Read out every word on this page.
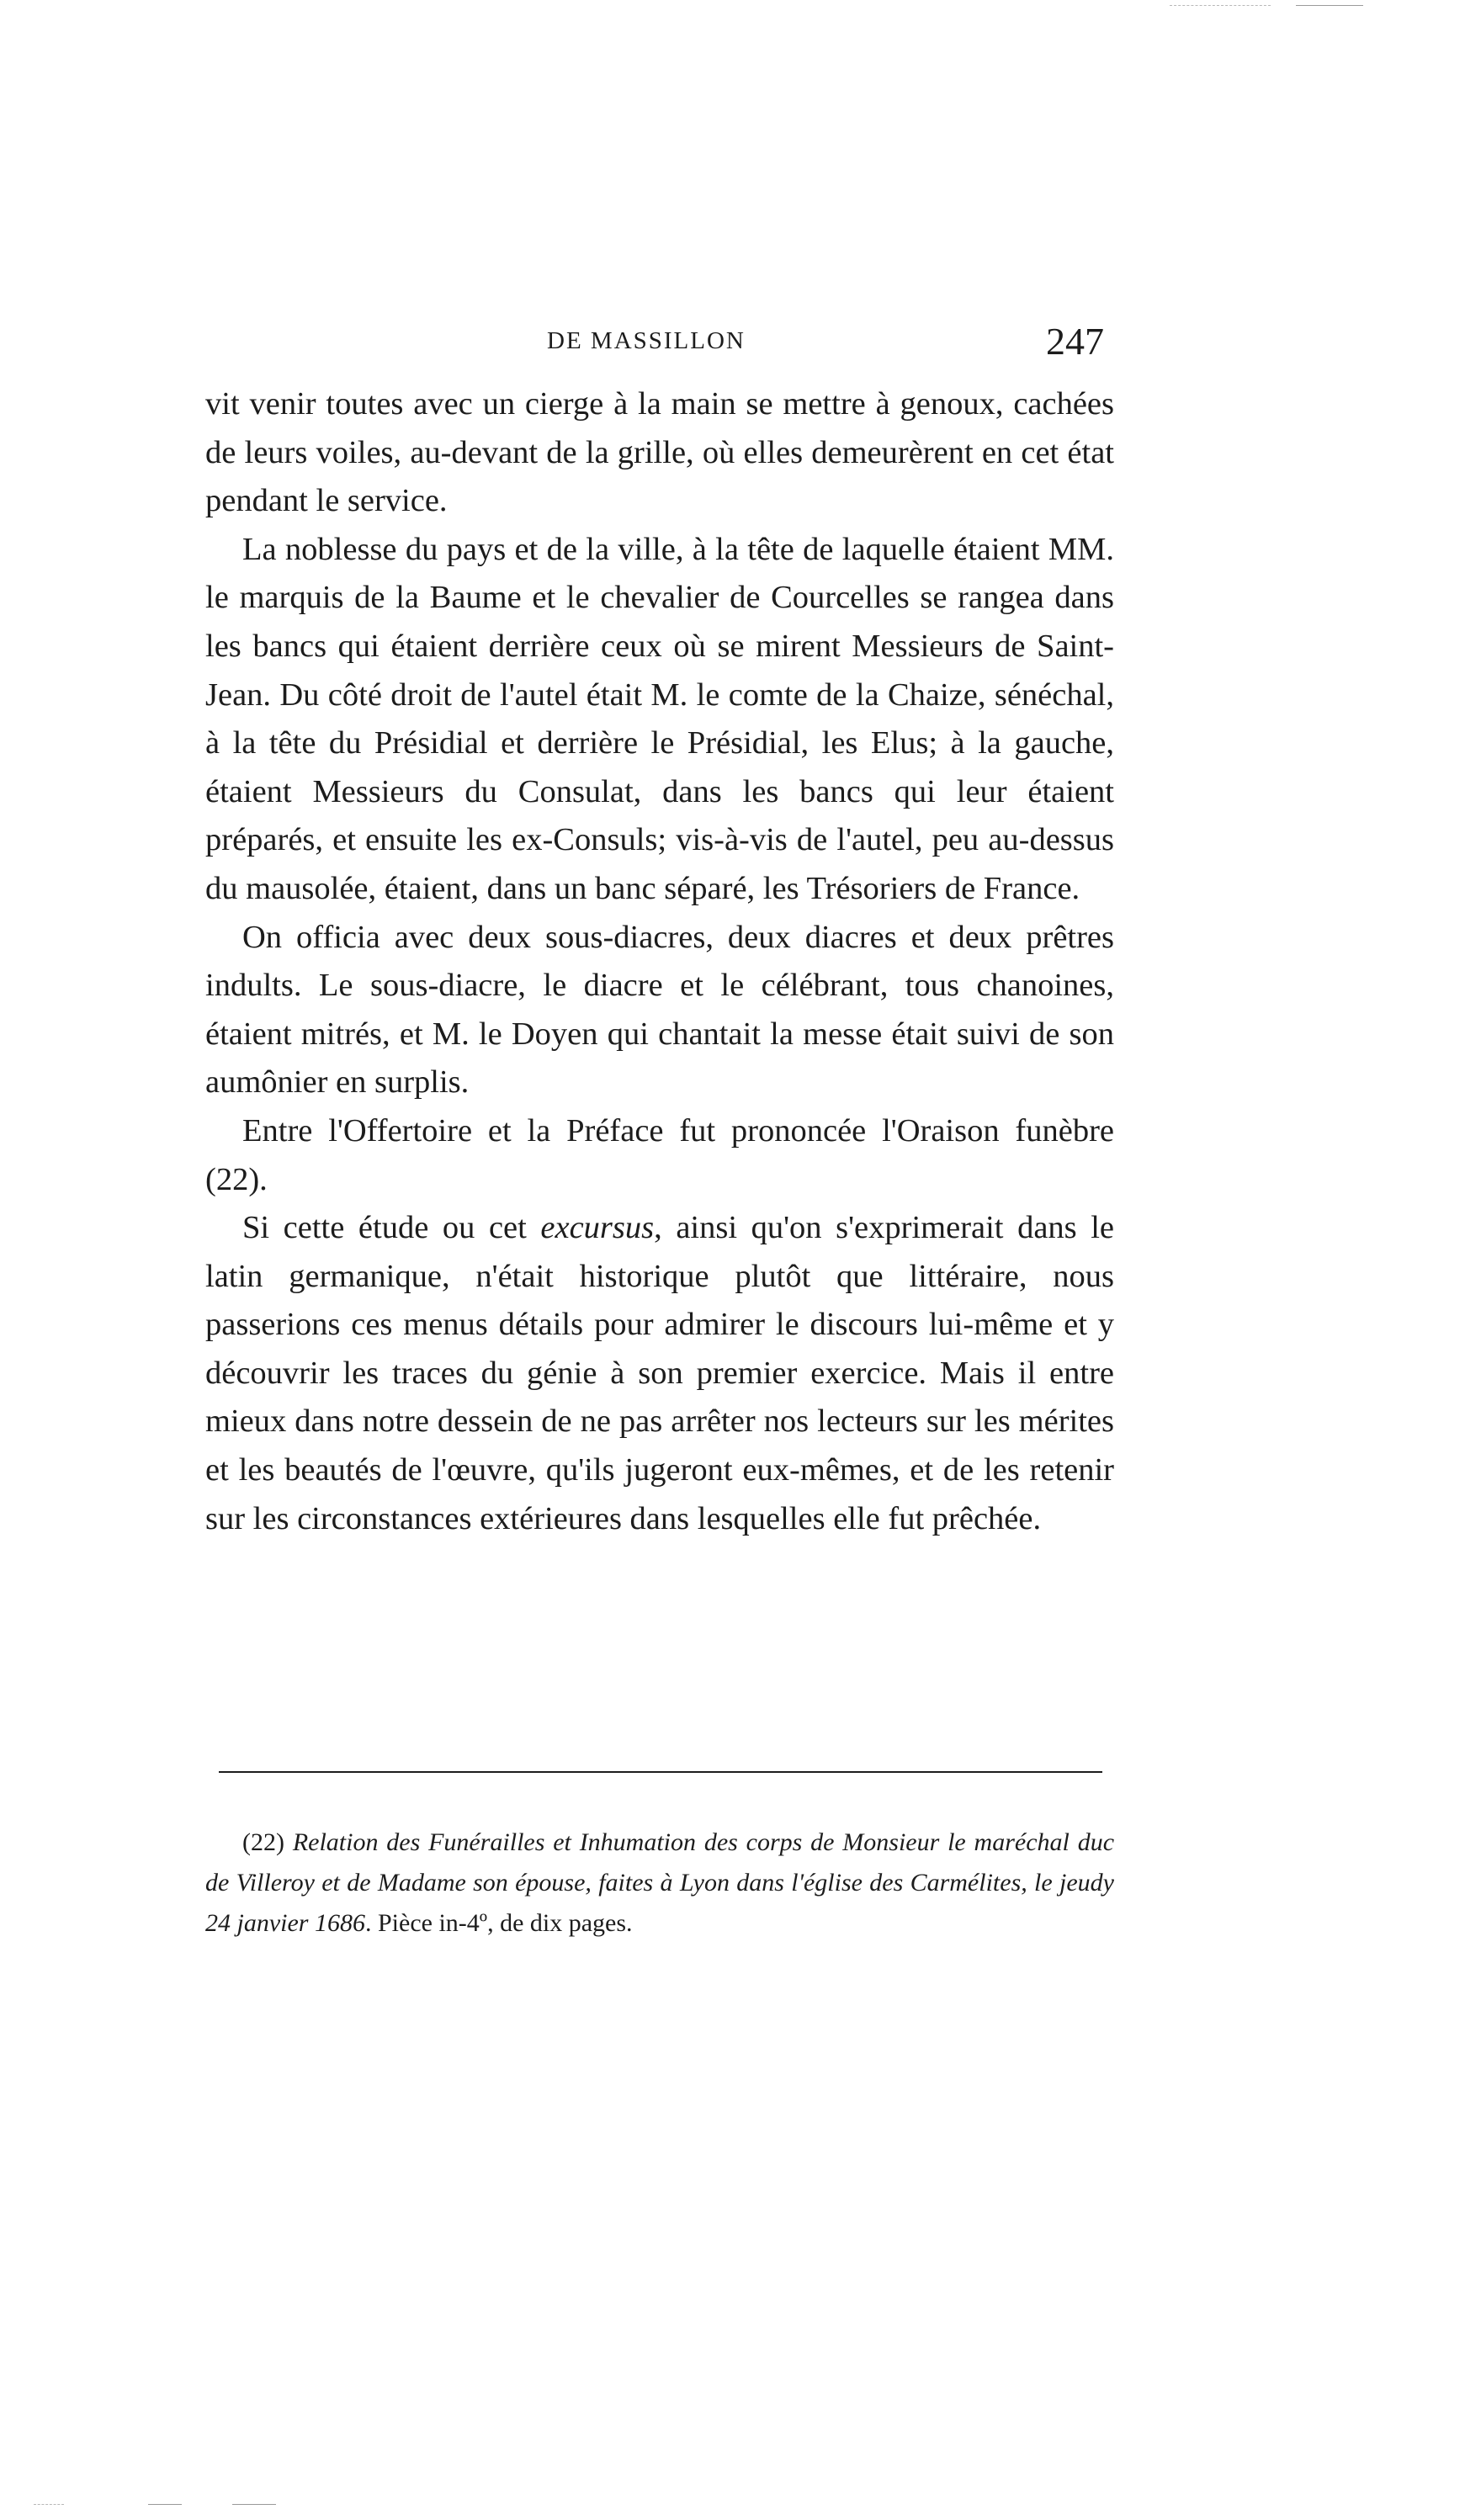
DE MASSILLON	247

vit venir toutes avec un cierge à la main se mettre à genoux, cachées de leurs voiles, au-devant de la grille, où elles demeurèrent en cet état pendant le service.

La noblesse du pays et de la ville, à la tête de laquelle étaient MM. le marquis de la Baume et le chevalier de Courcelles se rangea dans les bancs qui étaient derrière ceux où se mirent Messieurs de Saint-Jean. Du côté droit de l'autel était M. le comte de la Chaize, sénéchal, à la tête du Présidial et derrière le Présidial, les Elus; à la gauche, étaient Messieurs du Consulat, dans les bancs qui leur étaient préparés, et ensuite les ex-Consuls; vis-à-vis de l'autel, peu au-dessus du mausolée, étaient, dans un banc séparé, les Trésoriers de France.

On officia avec deux sous-diacres, deux diacres et deux prêtres indults. Le sous-diacre, le diacre et le célébrant, tous chanoines, étaient mitrés, et M. le Doyen qui chantait la messe était suivi de son aumônier en surplis.

Entre l'Offertoire et la Préface fut prononcée l'Oraison funèbre (22).

Si cette étude ou cet excursus, ainsi qu'on s'exprimerait dans le latin germanique, n'était historique plutôt que littéraire, nous passerions ces menus détails pour admirer le discours lui-même et y découvrir les traces du génie à son premier exercice. Mais il entre mieux dans notre dessein de ne pas arrêter nos lecteurs sur les mérites et les beautés de l'œuvre, qu'ils jugeront eux-mêmes, et de les retenir sur les circonstances extérieures dans lesquelles elle fut prêchée.

(22) Relation des Funérailles et Inhumation des corps de Monsieur le maréchal duc de Villeroy et de Madame son épouse, faites à Lyon dans l'église des Carmélites, le jeudy 24 janvier 1686. Pièce in-4º, de dix pages.
